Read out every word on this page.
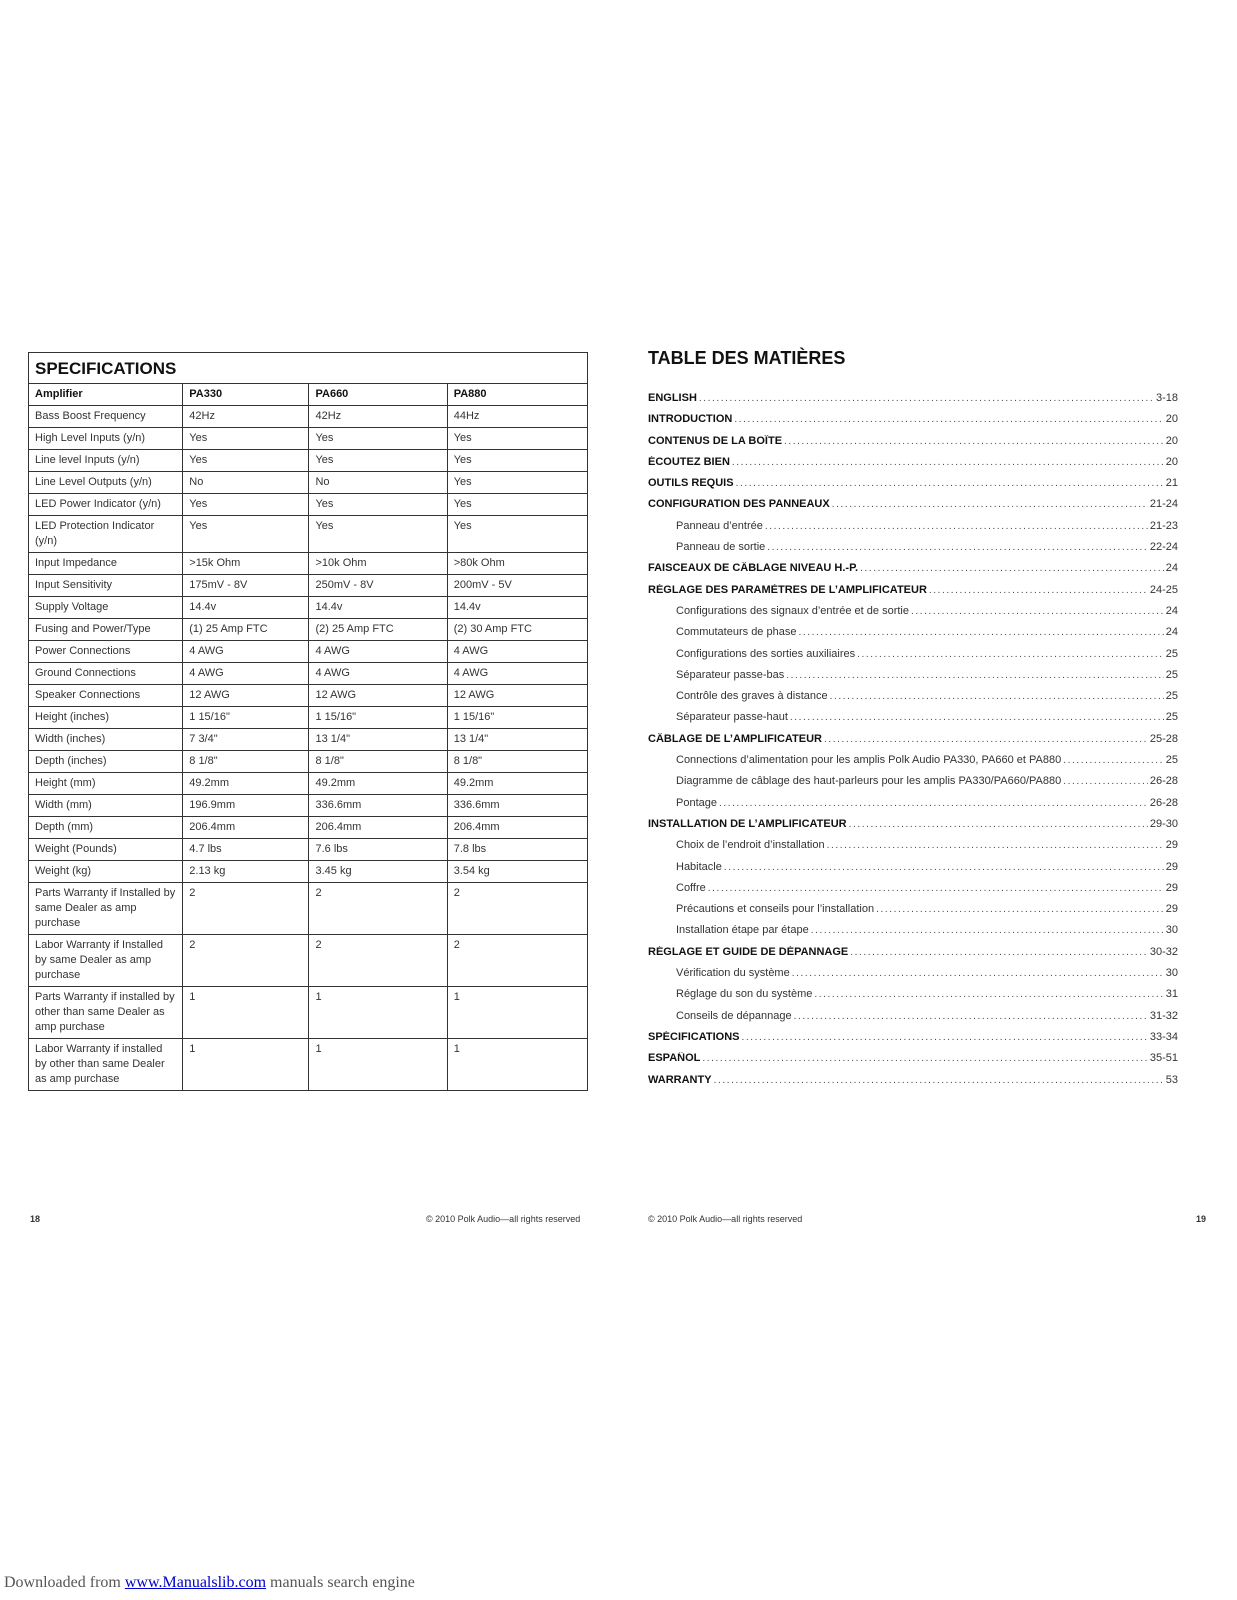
SPECIFICATIONS			
Amplifier	PA330	PA660	PA880
Bass Boost Frequency	42Hz	42Hz	44Hz
High Level Inputs (y/n)	Yes	Yes	Yes
Line level Inputs (y/n)	Yes	Yes	Yes
Line Level Outputs (y/n)	No	No	Yes
LED Power Indicator (y/n)	Yes	Yes	Yes
LED Protection Indicator (y/n)	Yes	Yes	Yes
Input Impedance	>15k Ohm	>10k Ohm	>80k Ohm
Input Sensitivity	175mV - 8V	250mV - 8V	200mV - 5V
Supply Voltage	14.4v	14.4v	14.4v
Fusing and Power/Type	(1) 25 Amp FTC	(2) 25 Amp FTC	(2) 30 Amp FTC
Power Connections	4 AWG	4 AWG	4 AWG
Ground Connections	4 AWG	4 AWG	4 AWG
Speaker Connections	12 AWG	12 AWG	12 AWG
Height (inches)	1 15/16"	1 15/16"	1 15/16"
Width (inches)	7 3/4"	13 1/4"	13 1/4"
Depth (inches)	8 1/8"	8 1/8"	8 1/8"
Height (mm)	49.2mm	49.2mm	49.2mm
Width (mm)	196.9mm	336.6mm	336.6mm
Depth (mm)	206.4mm	206.4mm	206.4mm
Weight (Pounds)	4.7 lbs	7.6 lbs	7.8 lbs
Weight (kg)	2.13 kg	3.45 kg	3.54 kg
Parts Warranty if Installed by same Dealer as amp purchase	2	2	2
Labor Warranty if Installed by same Dealer as amp purchase	2	2	2
Parts Warranty if installed by other than same Dealer as amp purchase	1	1	1
Labor Warranty if installed by other than same Dealer as amp purchase	1	1	1
TABLE DES MATIÈRES
ENGLISH .....	3-18
INTRODUCTION .....	20
CONTENUS DE LA BOÎTE .....	20
ÉCOUTEZ BIEN .....	20
OUTILS REQUIS .....	21
CONFIGURATION DES PANNEAUX .....	21-24
Panneau d’entrée .....	21-23
Panneau de sortie .....	22-24
FAISCEAUX DE CÂBLAGE NIVEAU H.-P. .....	24
RÉGLAGE DES PARAMÈTRES DE L’AMPLIFICATEUR .....	24-25
Configurations des signaux d’entrée et de sortie .....	24
Commutateurs de phase .....	24
Configurations des sorties auxiliaires .....	25
Séparateur passe-bas .....	25
Contrôle des graves à distance .....	25
Séparateur passe-haut .....	25
CÂBLAGE DE L’AMPLIFICATEUR .....	25-28
Connections d’alimentation pour les amplis Polk Audio PA330, PA660 et PA880 .....	25
Diagramme de câblage des haut-parleurs pour les amplis PA330/PA660/PA880 .....	26-28
Pontage .....	26-28
INSTALLATION DE L’AMPLIFICATEUR .....	29-30
Choix de l’endroit d’installation .....	29
Habitacle .....	29
Coffre .....	29
Précautions et conseils pour l’installation .....	29
Installation étape par étape .....	30
RÉGLAGE ET GUIDE DE DÉPANNAGE .....	30-32
Vérification du système .....	30
Réglage du son du système .....	31
Conseils de dépannage .....	31-32
SPÉCIFICATIONS .....	33-34
ESPAÑOL .....	35-51
WARRANTY .....	53
18	© 2010 Polk Audio—all rights reserved	© 2010 Polk Audio—all rights reserved	19
Downloaded from www.Manualslib.com manuals search engine
